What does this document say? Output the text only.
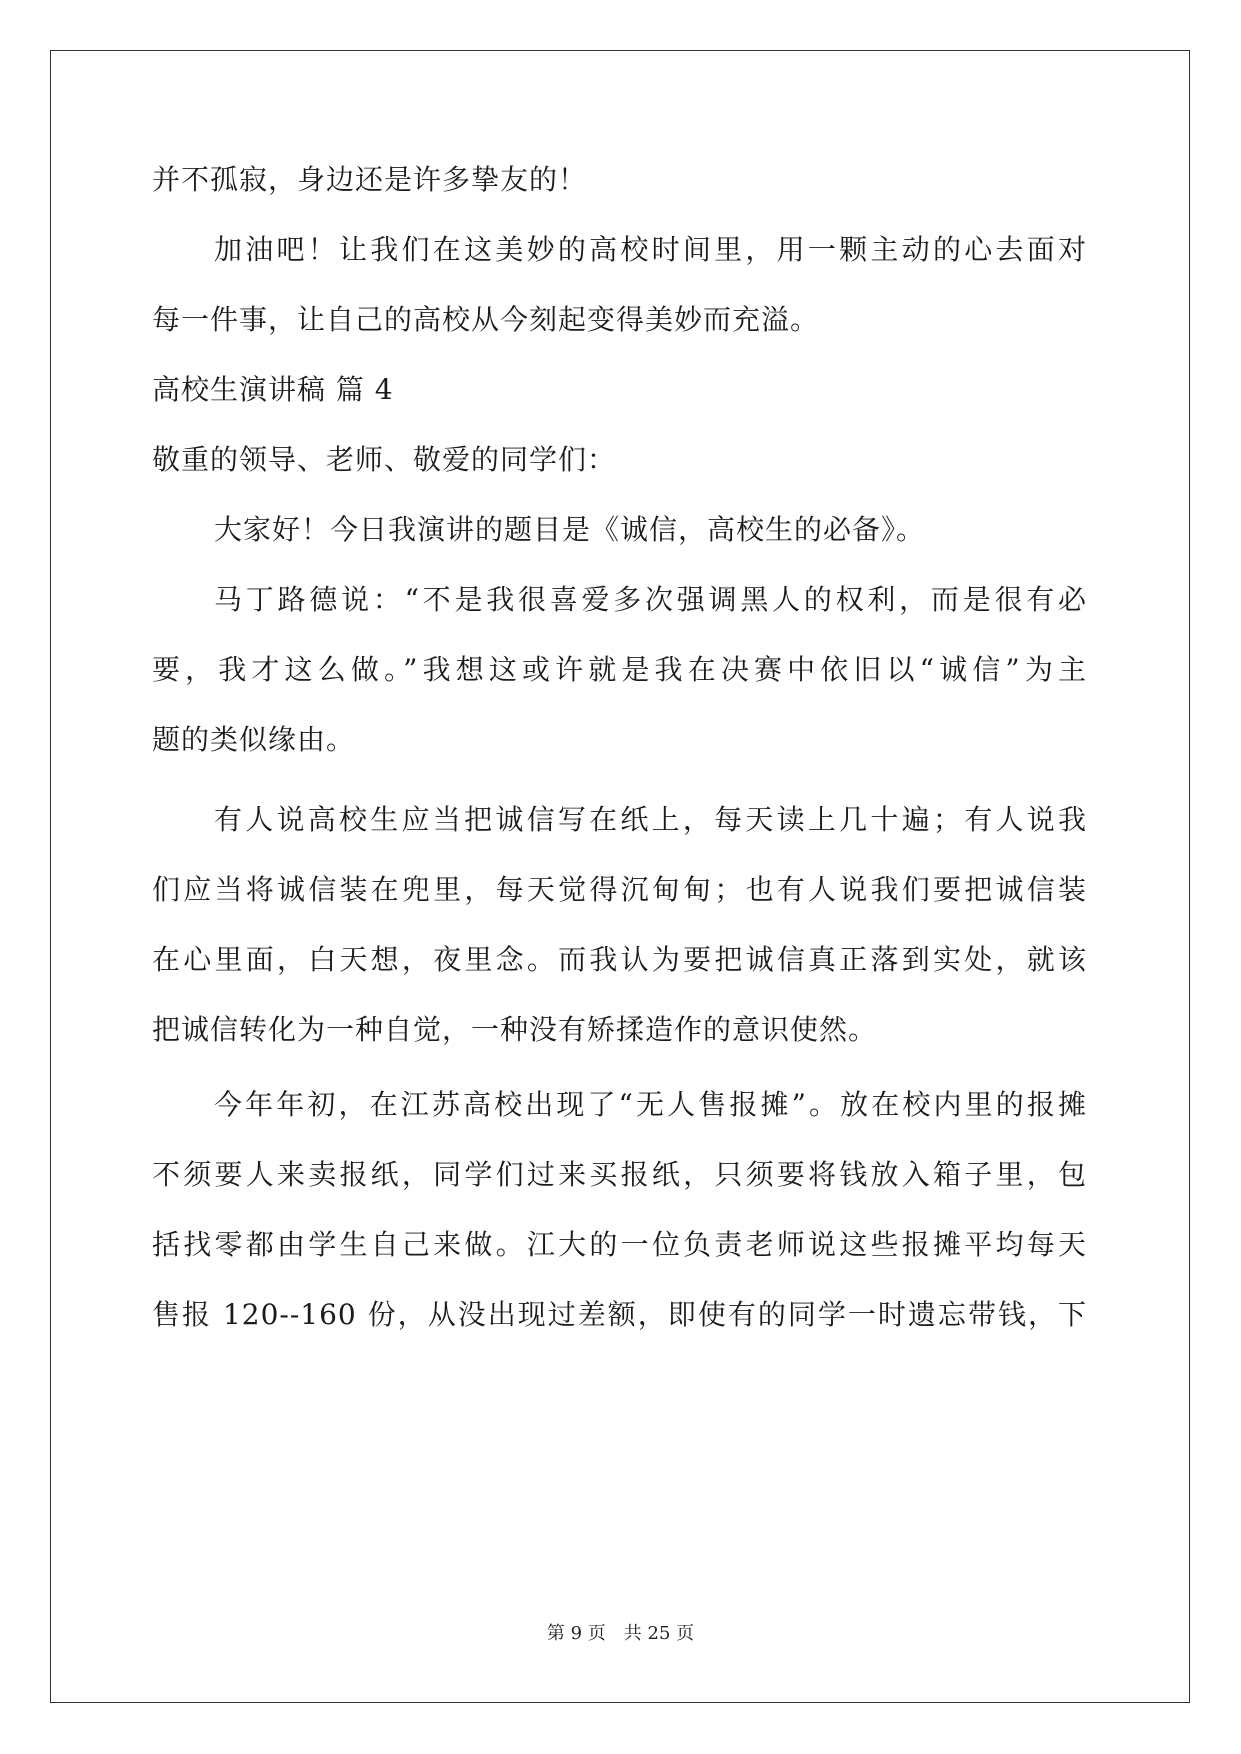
并不孤寂，身边还是许多挚友的！
加油吧！让我们在这美妙的高校时间里，用一颗主动的心去面对
每一件事，让自己的高校从今刻起变得美妙而充溢。
高校生演讲稿 篇 4
敬重的领导、老师、敬爱的同学们：
大家好！今日我演讲的题目是《诚信，高校生的必备》。
马丁路德说：“不是我很喜爱多次强调黑人的权利，而是很有必
要，我才这么做。”我想这或许就是我在决赛中依旧以“诚信”为主
题的类似缘由。
有人说高校生应当把诚信写在纸上，每天读上几十遍；有人说我
们应当将诚信装在兜里，每天觉得沉甸甸；也有人说我们要把诚信装
在心里面，白天想，夜里念。而我认为要把诚信真正落到实处，就该
把诚信转化为一种自觉，一种没有矫揉造作的意识使然。
今年年初，在江苏高校出现了“无人售报摊”。放在校内里的报摊
不须要人来卖报纸，同学们过来买报纸，只须要将钱放入箱子里，包
括找零都由学生自己来做。江大的一位负责老师说这些报摊平均每天
售报 120--160 份，从没出现过差额，即使有的同学一时遗忘带钱，下
第 9 页 共 25 页
